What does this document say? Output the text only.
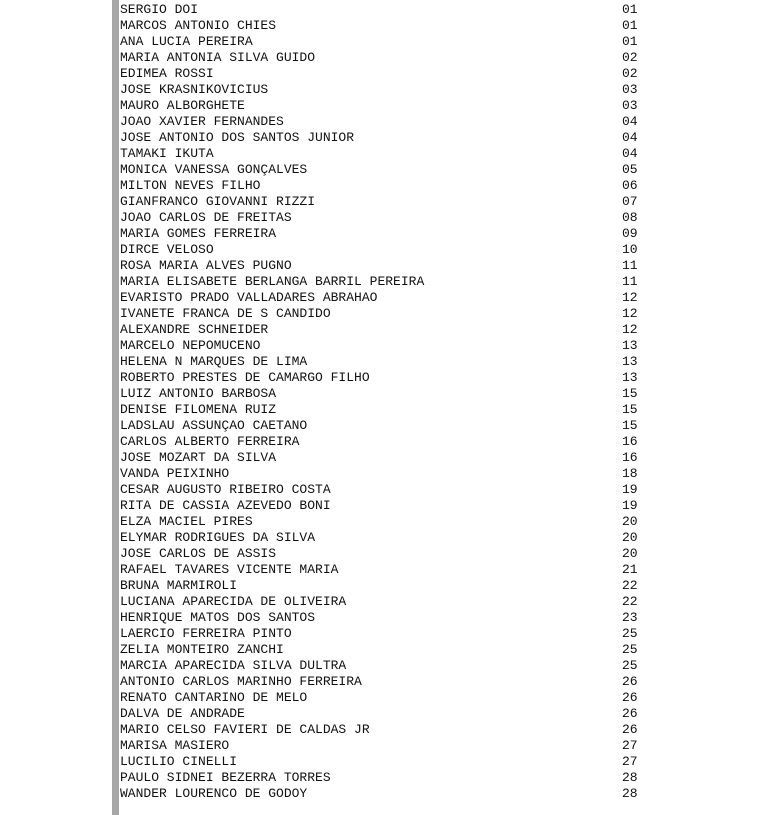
SERGIO DOI	01
MARCOS ANTONIO CHIES	01
ANA LUCIA PEREIRA	01
MARIA ANTONIA SILVA GUIDO	02
EDIMEA ROSSI	02
JOSE KRASNIKOVICIUS	03
MAURO ALBORGHETE	03
JOAO XAVIER FERNANDES	04
JOSE ANTONIO DOS SANTOS JUNIOR	04
TAMAKI IKUTA	04
MONICA VANESSA GONÇALVES	05
MILTON NEVES FILHO	06
GIANFRANCO GIOVANNI RIZZI	07
JOAO CARLOS DE FREITAS	08
MARIA GOMES FERREIRA	09
DIRCE VELOSO	10
ROSA MARIA ALVES PUGNO	11
MARIA ELISABETE BERLANGA BARRIL PEREIRA	11
EVARISTO PRADO VALLADARES ABRAHAO	12
IVANETE FRANCA DE S CANDIDO	12
ALEXANDRE SCHNEIDER	12
MARCELO NEPOMUCENO	13
HELENA N MARQUES DE LIMA	13
ROBERTO PRESTES DE CAMARGO FILHO	13
LUIZ ANTONIO BARBOSA	15
DENISE FILOMENA RUIZ	15
LADSLAU ASSUNÇAO CAETANO	15
CARLOS ALBERTO FERREIRA	16
JOSE MOZART DA SILVA	16
VANDA PEIXINHO	18
CESAR AUGUSTO RIBEIRO COSTA	19
RITA DE CASSIA AZEVEDO BONI	19
ELZA MACIEL PIRES	20
ELYMAR RODRIGUES DA SILVA	20
JOSE CARLOS DE ASSIS	20
RAFAEL TAVARES VICENTE MARIA	21
BRUNA MARMIROLI	22
LUCIANA APARECIDA DE OLIVEIRA	22
HENRIQUE MATOS DOS SANTOS	23
LAERCIO FERREIRA PINTO	25
ZELIA MONTEIRO ZANCHI	25
MARCIA APARECIDA SILVA DULTRA	25
ANTONIO CARLOS MARINHO FERREIRA	26
RENATO CANTARINO DE MELO	26
DALVA DE ANDRADE	26
MARIO CELSO FAVIERI DE CALDAS JR	26
MARISA MASIERO	27
LUCILIO CINELLI	27
PAULO SIDNEI BEZERRA TORRES	28
WANDER LOURENCO DE GODOY	28
